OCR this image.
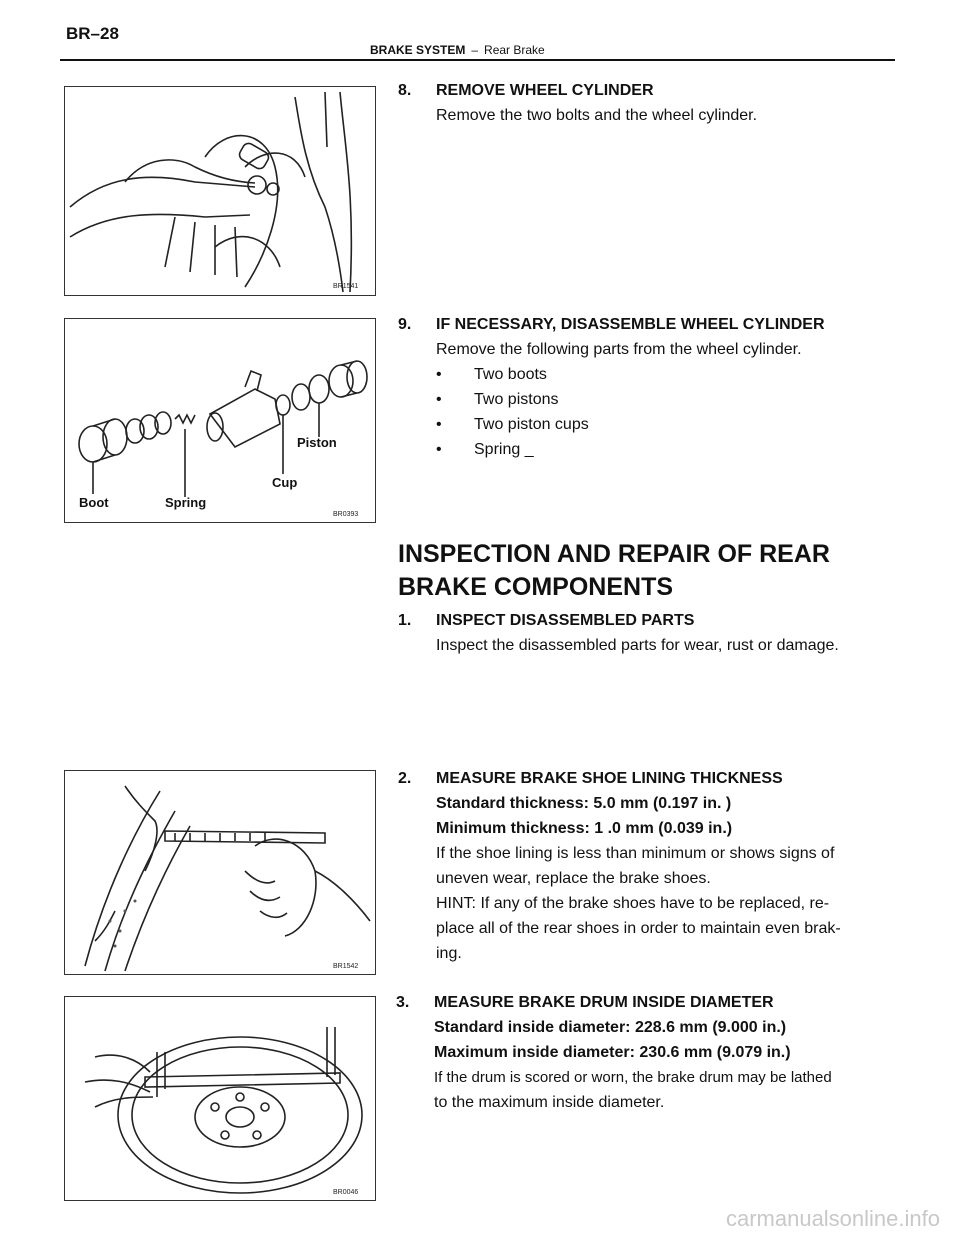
BR–28
BRAKE SYSTEM – Rear Brake
BR1541
Boot	Spring
Cup
Piston
BR0393
BR1542
BR0046
8. REMOVE WHEEL CYLINDER
Remove the two bolts and the wheel cylinder.
9. IF NECESSARY, DISASSEMBLE WHEEL CYLINDER
Remove the following parts from the wheel cylinder.
• Two boots
• Two pistons
• Two piston cups
• Spring _
INSPECTION AND REPAIR OF REAR
BRAKE COMPONENTS
1. INSPECT DISASSEMBLED PARTS
Inspect the disassembled parts for wear, rust or damage.
2. MEASURE BRAKE SHOE LINING THICKNESS
Standard thickness: 5.0 mm (0.197 in. )
Minimum thickness: 1 .0 mm (0.039 in.)
If the shoe lining is less than minimum or shows signs of
uneven wear, replace the brake shoes.
HINT: If any of the brake shoes have to be replaced, re-
place all of the rear shoes in order to maintain even brak-
ing.
3. MEASURE BRAKE DRUM INSIDE DIAMETER
Standard inside diameter: 228.6 mm (9.000 in.)
Maximum inside diameter: 230.6 mm (9.079 in.)
If the drum is scored or worn, the brake drum may be lathed
to the maximum inside diameter.
carmanualsonline.info
